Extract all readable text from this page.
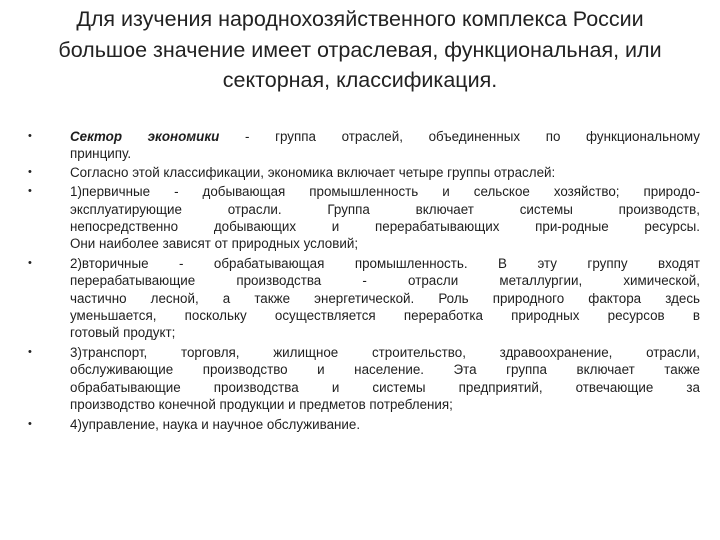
Для изучения народнохозяйственного комплекса России
большое значение имеет отраслевая, функциональная, или
секторная, классификация.
•	Сектор экономики - группа отраслей, объединенных по функциональному
принципу.
•	Согласно этой классификации, экономика включает четыре группы отраслей:
•	1)первичные - добывающая промышленность и сельское хозяйство; природо-
эксплуатирующие отрасли. Группа включает системы производств,
непосредственно добывающих и перерабатывающих при-родные ресурсы.
Они наиболее зависят от природных условий;
•	2)вторичные - обрабатывающая промышленность. В эту группу входят
перерабатывающие производства - отрасли металлургии, химической,
частично лесной, а также энергетической. Роль природного фактора здесь
уменьшается, поскольку осуществляется переработка природных ресурсов в
готовый продукт;
•	3)транспорт, торговля, жилищное строительство, здравоохранение, отрасли,
обслуживающие производство и население. Эта группа включает также
обрабатывающие производства и системы предприятий, отвечающие за
производство конечной продукции и предметов потребления;
•	4)управление, наука и научное обслуживание.
